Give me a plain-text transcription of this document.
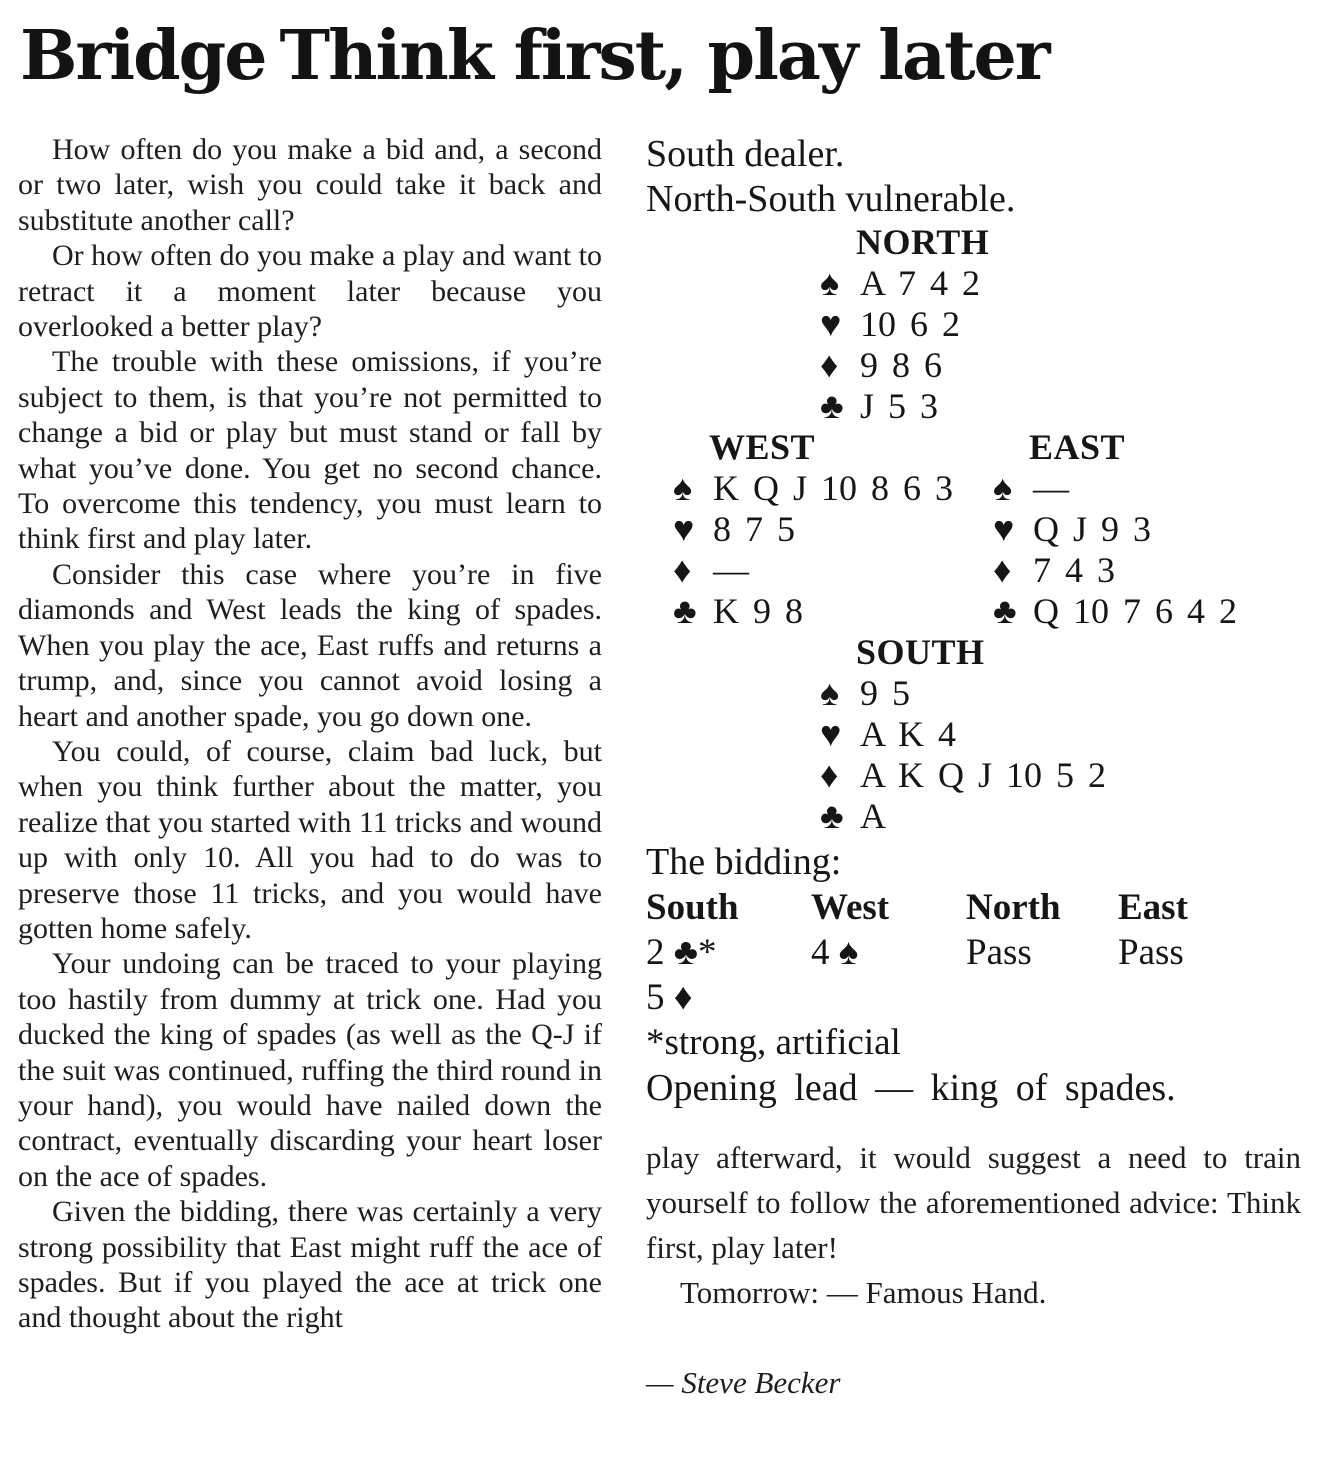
Bridge Think first, play later

How often do you make a bid and, a second or two later, wish you could take it back and substitute another call?

Or how often do you make a play and want to retract it a moment later because you overlooked a better play?

The trouble with these omissions, if you’re subject to them, is that you’re not permitted to change a bid or play but must stand or fall by what you’ve done. You get no second chance. To overcome this tendency, you must learn to think first and play later.

Consider this case where you’re in five diamonds and West leads the king of spades. When you play the ace, East ruffs and returns a trump, and, since you cannot avoid losing a heart and another spade, you go down one.

You could, of course, claim bad luck, but when you think further about the matter, you realize that you started with 11 tricks and wound up with only 10. All you had to do was to preserve those 11 tricks, and you would have gotten home safely.

Your undoing can be traced to your playing too hastily from dummy at trick one. Had you ducked the king of spades (as well as the Q-J if the suit was continued, ruffing the third round in your hand), you would have nailed down the contract, eventually discarding your heart loser on the ace of spades.

Given the bidding, there was certainly a very strong possibility that East might ruff the ace of spades. But if you played the ace at trick one and thought about the right

South dealer.
North-South vulnerable.
NORTH
♠ A 7 4 2
♥ 10 6 2
♦ 9 8 6
♣ J 5 3
WEST
♠ K Q J 10 8 6 3
♥ 8 7 5
♦ —
♣ K 9 8
EAST
♠ —
♥ Q J 9 3
♦ 7 4 3
♣ Q 10 7 6 4 2
SOUTH
♠ 9 5
♥ A K 4
♦ A K Q J 10 5 2
♣ A
The bidding:
South	West	North	East
2 ♣*	4 ♠	Pass	Pass
5 ♦
*strong, artificial
Opening lead — king of spades.

play afterward, it would suggest a need to train yourself to follow the aforementioned advice: Think first, play later!

Tomorrow: — Famous Hand.

— Steve Becker
